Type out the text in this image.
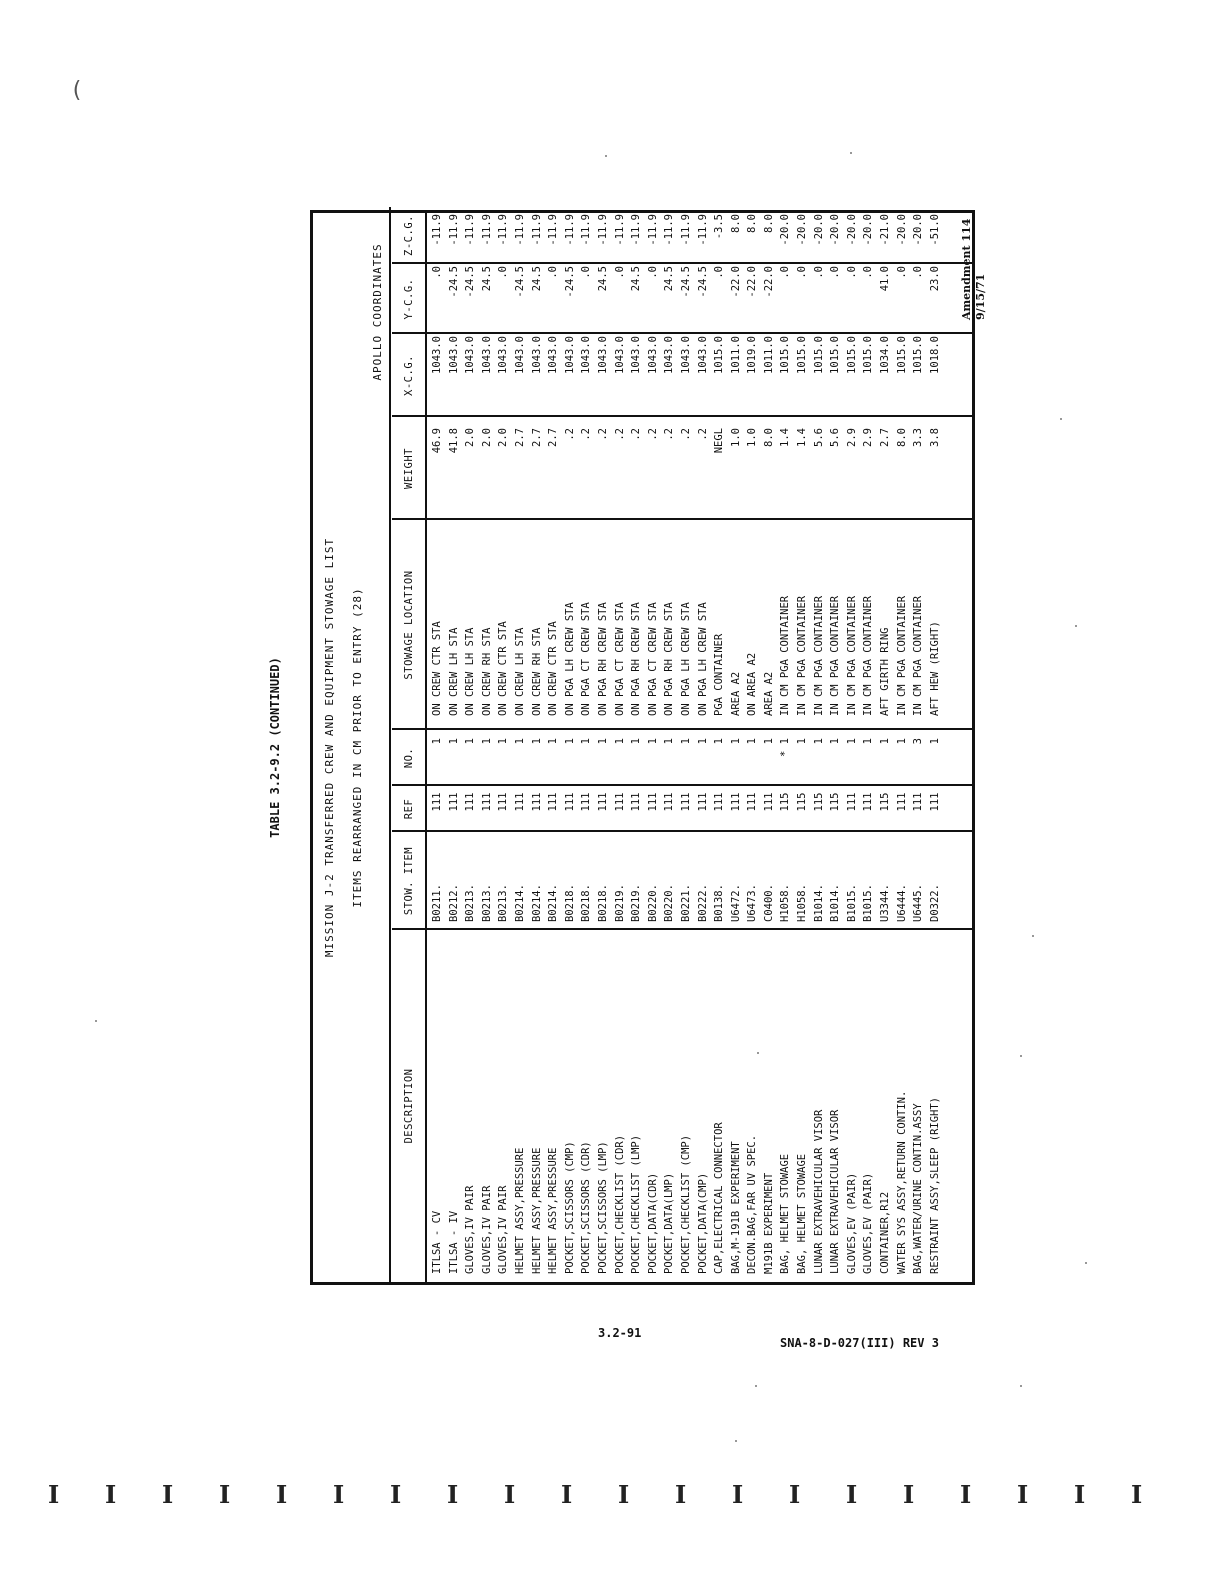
(
Amendment 114 9/15/71
TABLE 3.2-9.2 (CONTINUED)	MISSION J-2 TRANSFERRED CREW AND EQUIPMENT STOWAGE LIST ITEMS REARRANGED IN CM PRIOR TO ENTRY (28)
APOLLO COORDINATES
DESCRIPTION
STOW. ITEM
REF
NO.
STOWAGE LOCATION
WEIGHT
X-C.G.
Y-C.G.
Z-C.G.
ITLSA - CV
B0211.
111
1
ON CREW CTR STA
46.9
1043.0
.0
-11.9
ITLSA - IV
B0212.
111
1
ON CREW LH STA
41.8
1043.0
-24.5
-11.9
GLOVES,IV PAIR
B0213.
111
1
ON CREW LH STA
2.0
1043.0
-24.5
-11.9
GLOVES,IV PAIR
B0213.
111
1
ON CREW RH STA
2.0
1043.0
24.5
-11.9
GLOVES,IV PAIR
B0213.
111
1
ON CREW CTR STA
2.0
1043.0
.0
-11.9
HELMET ASSY,PRESSURE
B0214.
111
1
ON CREW LH STA
2.7
1043.0
-24.5
-11.9
HELMET ASSY,PRESSURE
B0214.
111
1
ON CREW RH STA
2.7
1043.0
24.5
-11.9
HELMET ASSY,PRESSURE
B0214.
111
1
ON CREW CTR STA
2.7
1043.0
.0
-11.9
POCKET,SCISSORS (CMP)
B0218.
111
1
ON PGA LH CREW STA
.2
1043.0
-24.5
-11.9
POCKET,SCISSORS (CDR)
B0218.
111
1
ON PGA CT CREW STA
.2
1043.0
.0
-11.9
POCKET,SCISSORS (LMP)
B0218.
111
1
ON PGA RH CREW STA
.2
1043.0
24.5
-11.9
POCKET,CHECKLIST (CDR)
B0219.
111
1
ON PGA CT CREW STA
.2
1043.0
.0
-11.9
POCKET,CHECKLIST (LMP)
B0219.
111
1
ON PGA RH CREW STA
.2
1043.0
24.5
-11.9
POCKET,DATA(CDR)
B0220.
111
1
ON PGA CT CREW STA
.2
1043.0
.0
-11.9
POCKET,DATA(LMP)
B0220.
111
1
ON PGA RH CREW STA
.2
1043.0
24.5
-11.9
POCKET,CHECKLIST (CMP)
B0221.
111
1
ON PGA LH CREW STA
.2
1043.0
-24.5
-11.9
POCKET,DATA(CMP)
B0222.
111
1
ON PGA LH CREW STA
.2
1043.0
-24.5
-11.9
CAP,ELECTRICAL CONNECTOR
B0138.
111
1
PGA CONTAINER
NEGL
1015.0
.0
-3.5
BAG,M-191B EXPERIMENT
U6472.
111
1
AREA A2
1.0
1011.0
-22.0
8.0
DECON.BAG,FAR UV SPEC.
U6473.
111
1
ON AREA A2
1.0
1019.0
-22.0
8.0
M191B EXPERIMENT
C0400.
111
1
AREA A2
8.0
1011.0
-22.0
8.0
BAG, HELMET STOWAGE
H1058.
115
* 1
IN CM PGA CONTAINER
1.4
1015.0
.0
-20.0
BAG, HELMET STOWAGE
H1058.
115
1
IN CM PGA CONTAINER
1.4
1015.0
.0
-20.0
LUNAR EXTRAVEHICULAR VISOR
B1014.
115
1
IN CM PGA CONTAINER
5.6
1015.0
.0
-20.0
LUNAR EXTRAVEHICULAR VISOR
B1014.
115
1
IN CM PGA CONTAINER
5.6
1015.0
.0
-20.0
GLOVES,EV (PAIR)
B1015.
111
1
IN CM PGA CONTAINER
2.9
1015.0
.0
-20.0
GLOVES,EV (PAIR)
B1015.
111
1
IN CM PGA CONTAINER
2.9
1015.0
.0
-20.0
CONTAINER,R12
U3344.
115
1
AFT GIRTH RING
2.7
1034.0
41.0
-21.0
WATER SYS ASSY,RETURN CONTIN.
U6444.
111
1
IN CM PGA CONTAINER
8.0
1015.0
.0
-20.0
BAG,WATER/URINE CONTIN.ASSY
U6445.
111
3
IN CM PGA CONTAINER
3.3
1015.0
.0
-20.0
RESTRAINT ASSY,SLEEP (RIGHT)
D0322.
111
1
AFT HEW (RIGHT)
3.8
1018.0
23.0
-51.0
3.2-91
SNA-8-D-027(III) REV 3
I I I I I I I I I I I I I I I I I I I I
